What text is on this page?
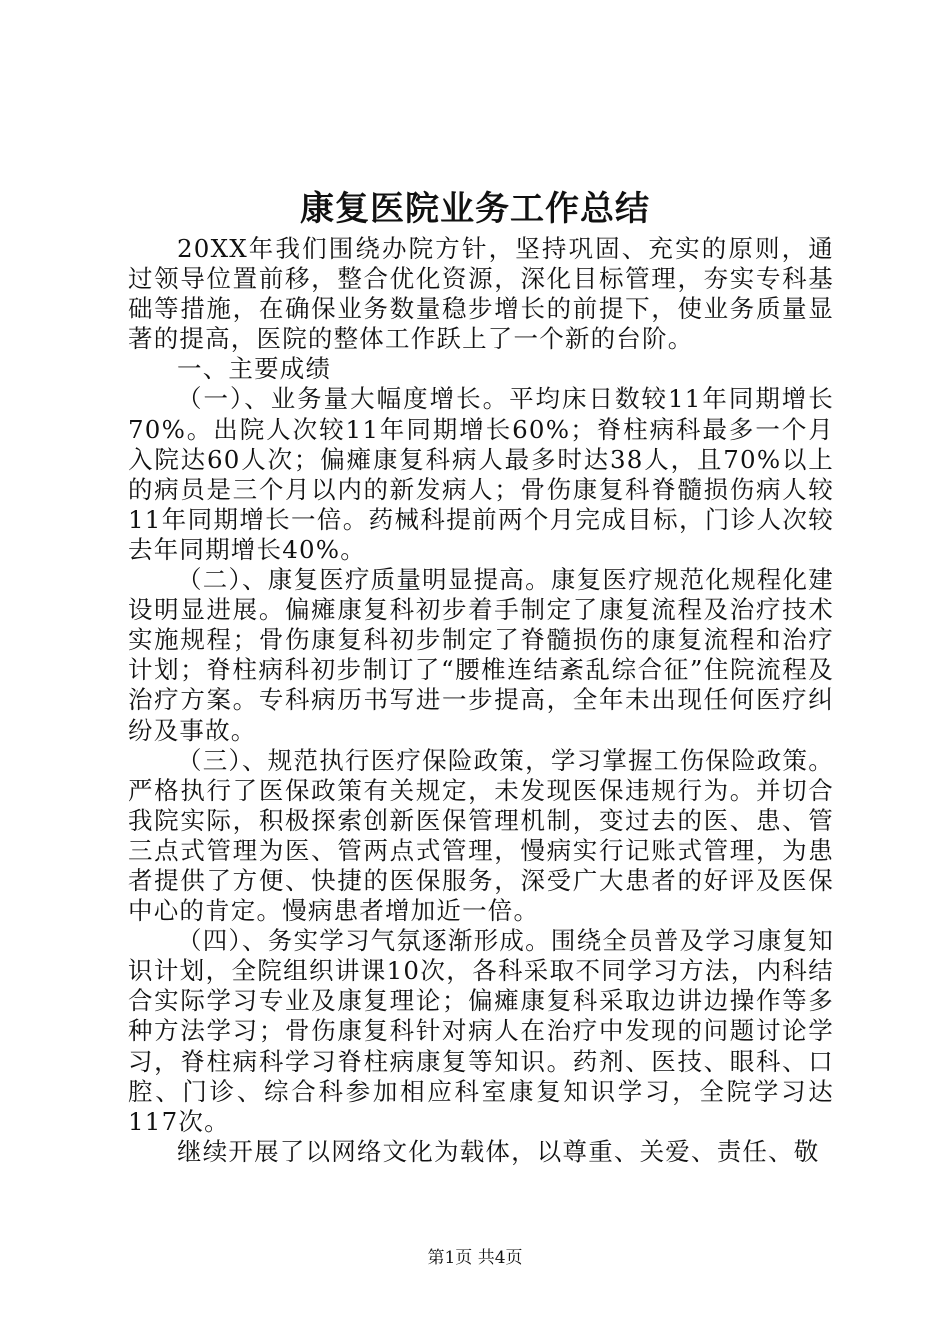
康复医院业务工作总结

20XX年我们围绕办院方针，坚持巩固、充实的原则，通过领导位置前移，整合优化资源，深化目标管理，夯实专科基础等措施，在确保业务数量稳步增长的前提下，使业务质量显著的提高，医院的整体工作跃上了一个新的台阶。

一、主要成绩

（一）、业务量大幅度增长。平均床日数较11年同期增长70%。出院人次较11年同期增长60%；脊柱病科最多一个月入院达60人次；偏瘫康复科病人最多时达38人，且70%以上的病员是三个月以内的新发病人；骨伤康复科脊髓损伤病人较11年同期增长一倍。药械科提前两个月完成目标，门诊人次较去年同期增长40%。

（二）、康复医疗质量明显提高。康复医疗规范化规程化建设明显进展。偏瘫康复科初步着手制定了康复流程及治疗技术实施规程；骨伤康复科初步制定了脊髓损伤的康复流程和治疗计划；脊柱病科初步制订了“腰椎连结紊乱综合征”住院流程及治疗方案。专科病历书写进一步提高，全年未出现任何医疗纠纷及事故。

（三）、规范执行医疗保险政策，学习掌握工伤保险政策。严格执行了医保政策有关规定，未发现医保违规行为。并切合我院实际，积极探索创新医保管理机制，变过去的医、患、管三点式管理为医、管两点式管理，慢病实行记账式管理，为患者提供了方便、快捷的医保服务，深受广大患者的好评及医保中心的肯定。慢病患者增加近一倍。

（四）、务实学习气氛逐渐形成。围绕全员普及学习康复知识计划，全院组织讲课10次，各科采取不同学习方法，内科结合实际学习专业及康复理论；偏瘫康复科采取边讲边操作等多种方法学习；骨伤康复科针对病人在治疗中发现的问题讨论学习，脊柱病科学习脊柱病康复等知识。药剂、医技、眼科、口腔、门诊、综合科参加相应科室康复知识学习，全院学习达117次。

继续开展了以网络文化为载体，以尊重、关爱、责任、敬

第1页 共4页
